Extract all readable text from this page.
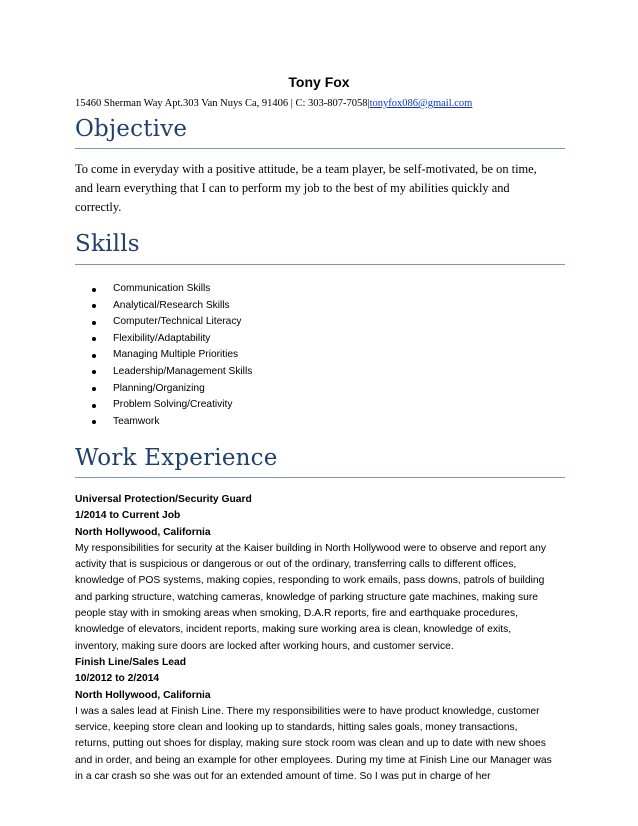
Tony Fox
15460 Sherman Way Apt.303 Van Nuys Ca, 91406 | C: 303-807-7058|tonyfox086@gmail.com
Objective
To come in everyday with a positive attitude, be a team player, be self-motivated, be on time,
and learn everything that I can to perform my job to the best of my abilities quickly and
correctly.
Skills
Communication Skills
Analytical/Research Skills
Computer/Technical Literacy
Flexibility/Adaptability
Managing Multiple Priorities
Leadership/Management Skills
Planning/Organizing
Problem Solving/Creativity
Teamwork
Work Experience
Universal Protection/Security Guard
1/2014 to Current Job
North Hollywood, California
My responsibilities for security at the Kaiser building in North Hollywood were to observe and report any
activity that is suspicious or dangerous or out of the ordinary, transferring calls to different offices,
knowledge of POS systems, making copies, responding to work emails, pass downs, patrols of building
and parking structure, watching cameras, knowledge of parking structure gate machines, making sure
people stay with in smoking areas when smoking, D.A.R reports, fire and earthquake procedures,
knowledge of elevators, incident reports, making sure working area is clean, knowledge of exits,
inventory, making sure doors are locked after working hours, and customer service.
Finish Line/Sales Lead
10/2012 to 2/2014
North Hollywood, California
I was a sales lead at Finish Line. There my responsibilities were to have product knowledge, customer
service, keeping store clean and looking up to standards, hitting sales goals, money transactions,
returns, putting out shoes for display, making sure stock room was clean and up to date with new shoes
and in order, and being an example for other employees. During my time at Finish Line our Manager was
in a car crash so she was out for an extended amount of time. So I was put in charge of her
